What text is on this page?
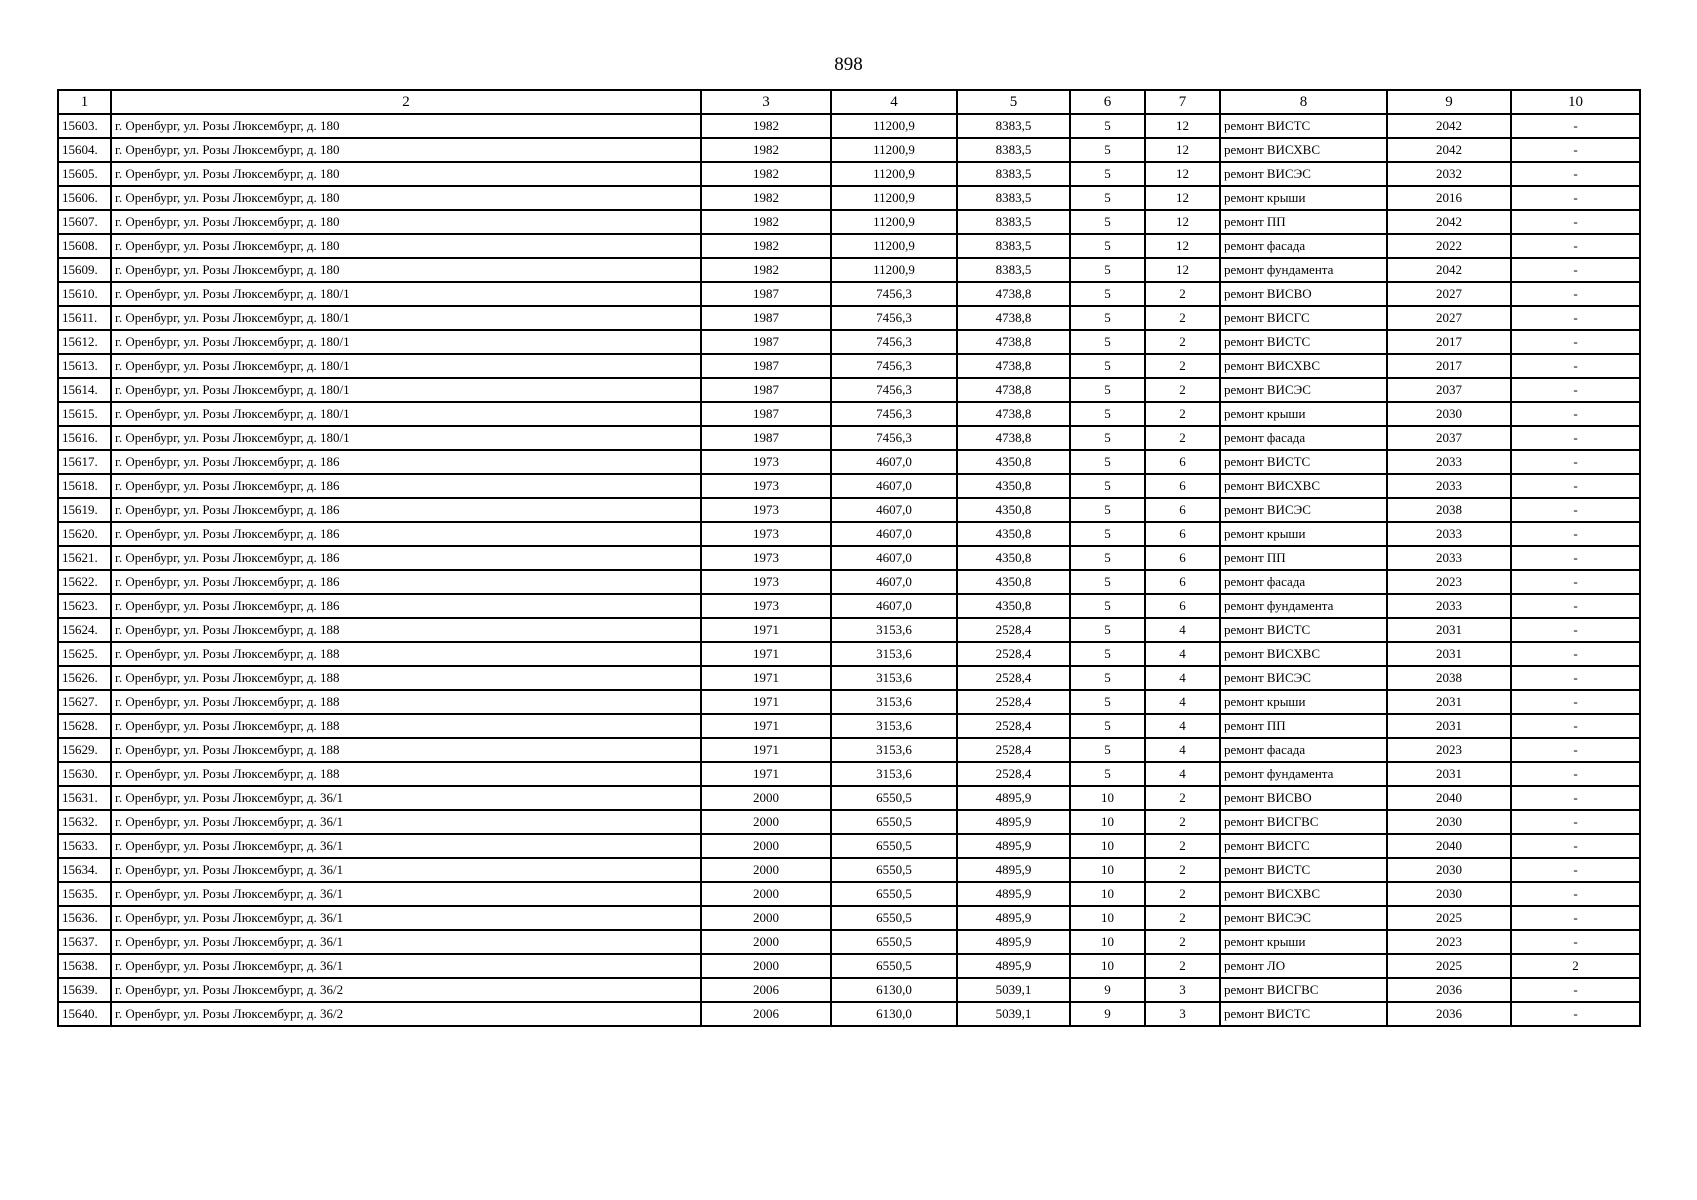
898
1	2	3	4	5	6	7	8	9	10
15603.	г. Оренбург, ул. Розы Люксембург, д. 180	1982	11200,9	8383,5	5	12	ремонт ВИСТС	2042	-
15604.	г. Оренбург, ул. Розы Люксембург, д. 180	1982	11200,9	8383,5	5	12	ремонт ВИСХВС	2042	-
15605.	г. Оренбург, ул. Розы Люксембург, д. 180	1982	11200,9	8383,5	5	12	ремонт ВИСЭС	2032	-
15606.	г. Оренбург, ул. Розы Люксембург, д. 180	1982	11200,9	8383,5	5	12	ремонт крыши	2016	-
15607.	г. Оренбург, ул. Розы Люксембург, д. 180	1982	11200,9	8383,5	5	12	ремонт ПП	2042	-
15608.	г. Оренбург, ул. Розы Люксембург, д. 180	1982	11200,9	8383,5	5	12	ремонт фасада	2022	-
15609.	г. Оренбург, ул. Розы Люксембург, д. 180	1982	11200,9	8383,5	5	12	ремонт фундамента	2042	-
15610.	г. Оренбург, ул. Розы Люксембург, д. 180/1	1987	7456,3	4738,8	5	2	ремонт ВИСВО	2027	-
15611.	г. Оренбург, ул. Розы Люксембург, д. 180/1	1987	7456,3	4738,8	5	2	ремонт ВИСГС	2027	-
15612.	г. Оренбург, ул. Розы Люксембург, д. 180/1	1987	7456,3	4738,8	5	2	ремонт ВИСТС	2017	-
15613.	г. Оренбург, ул. Розы Люксембург, д. 180/1	1987	7456,3	4738,8	5	2	ремонт ВИСХВС	2017	-
15614.	г. Оренбург, ул. Розы Люксембург, д. 180/1	1987	7456,3	4738,8	5	2	ремонт ВИСЭС	2037	-
15615.	г. Оренбург, ул. Розы Люксембург, д. 180/1	1987	7456,3	4738,8	5	2	ремонт крыши	2030	-
15616.	г. Оренбург, ул. Розы Люксембург, д. 180/1	1987	7456,3	4738,8	5	2	ремонт фасада	2037	-
15617.	г. Оренбург, ул. Розы Люксембург, д. 186	1973	4607,0	4350,8	5	6	ремонт ВИСТС	2033	-
15618.	г. Оренбург, ул. Розы Люксембург, д. 186	1973	4607,0	4350,8	5	6	ремонт ВИСХВС	2033	-
15619.	г. Оренбург, ул. Розы Люксембург, д. 186	1973	4607,0	4350,8	5	6	ремонт ВИСЭС	2038	-
15620.	г. Оренбург, ул. Розы Люксембург, д. 186	1973	4607,0	4350,8	5	6	ремонт крыши	2033	-
15621.	г. Оренбург, ул. Розы Люксембург, д. 186	1973	4607,0	4350,8	5	6	ремонт ПП	2033	-
15622.	г. Оренбург, ул. Розы Люксембург, д. 186	1973	4607,0	4350,8	5	6	ремонт фасада	2023	-
15623.	г. Оренбург, ул. Розы Люксембург, д. 186	1973	4607,0	4350,8	5	6	ремонт фундамента	2033	-
15624.	г. Оренбург, ул. Розы Люксембург, д. 188	1971	3153,6	2528,4	5	4	ремонт ВИСТС	2031	-
15625.	г. Оренбург, ул. Розы Люксембург, д. 188	1971	3153,6	2528,4	5	4	ремонт ВИСХВС	2031	-
15626.	г. Оренбург, ул. Розы Люксембург, д. 188	1971	3153,6	2528,4	5	4	ремонт ВИСЭС	2038	-
15627.	г. Оренбург, ул. Розы Люксембург, д. 188	1971	3153,6	2528,4	5	4	ремонт крыши	2031	-
15628.	г. Оренбург, ул. Розы Люксембург, д. 188	1971	3153,6	2528,4	5	4	ремонт ПП	2031	-
15629.	г. Оренбург, ул. Розы Люксембург, д. 188	1971	3153,6	2528,4	5	4	ремонт фасада	2023	-
15630.	г. Оренбург, ул. Розы Люксембург, д. 188	1971	3153,6	2528,4	5	4	ремонт фундамента	2031	-
15631.	г. Оренбург, ул. Розы Люксембург, д. 36/1	2000	6550,5	4895,9	10	2	ремонт ВИСВО	2040	-
15632.	г. Оренбург, ул. Розы Люксембург, д. 36/1	2000	6550,5	4895,9	10	2	ремонт ВИСГВС	2030	-
15633.	г. Оренбург, ул. Розы Люксембург, д. 36/1	2000	6550,5	4895,9	10	2	ремонт ВИСГС	2040	-
15634.	г. Оренбург, ул. Розы Люксембург, д. 36/1	2000	6550,5	4895,9	10	2	ремонт ВИСТС	2030	-
15635.	г. Оренбург, ул. Розы Люксембург, д. 36/1	2000	6550,5	4895,9	10	2	ремонт ВИСХВС	2030	-
15636.	г. Оренбург, ул. Розы Люксембург, д. 36/1	2000	6550,5	4895,9	10	2	ремонт ВИСЭС	2025	-
15637.	г. Оренбург, ул. Розы Люксембург, д. 36/1	2000	6550,5	4895,9	10	2	ремонт крыши	2023	-
15638.	г. Оренбург, ул. Розы Люксембург, д. 36/1	2000	6550,5	4895,9	10	2	ремонт ЛО	2025	2
15639.	г. Оренбург, ул. Розы Люксембург, д. 36/2	2006	6130,0	5039,1	9	3	ремонт ВИСГВС	2036	-
15640.	г. Оренбург, ул. Розы Люксембург, д. 36/2	2006	6130,0	5039,1	9	3	ремонт ВИСТС	2036	-
